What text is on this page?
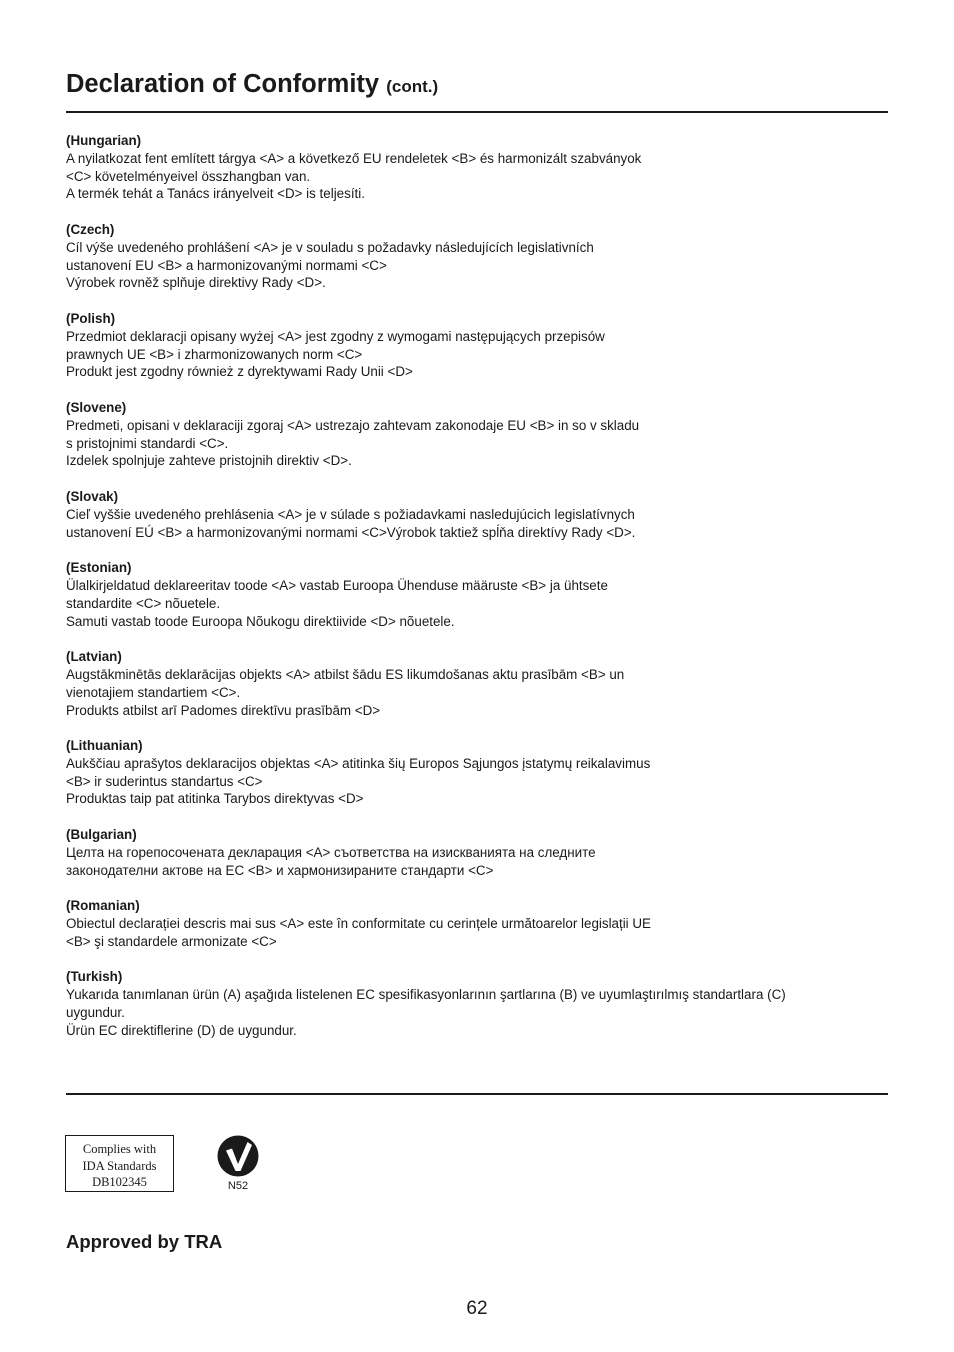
Declaration of Conformity (cont.)
(Hungarian)
A nyilatkozat fent említett tárgya <A> a következő EU rendeletek <B> és harmonizált szabványok
<C> követelményeivel összhangban van.
A termék tehát a Tanács irányelveit <D> is teljesíti.
(Czech)
Cíl výše uvedeného prohlášení <A> je v souladu s požadavky následujících legislativních
ustanovení EU <B> a harmonizovanými normami <C>
Výrobek rovněž splňuje direktivy Rady <D>.
(Polish)
Przedmiot deklaracji opisany wyżej <A> jest zgodny z wymogami następujących przepisów
prawnych UE <B> i zharmonizowanych norm <C>
Produkt jest zgodny również z dyrektywami Rady Unii <D>
(Slovene)
Predmeti, opisani v deklaraciji zgoraj <A> ustrezajo zahtevam zakonodaje EU <B> in so v skladu
s pristojnimi standardi <C>.
Izdelek spolnjuje zahteve pristojnih direktiv <D>.
(Slovak)
Cieľ vyššie uvedeného prehlásenia <A> je v súlade s požiadavkami nasledujúcich legislatívnych
ustanovení EÚ <B> a harmonizovanými normami <C>Výrobok taktiež spĺňa direktívy Rady <D>.
(Estonian)
Ülalkirjeldatud deklareeritav toode <A> vastab Euroopa Ühenduse määruste <B> ja ühtsete
standardite <C> nõuetele.
Samuti vastab toode Euroopa Nõukogu direktiivide <D> nõuetele.
(Latvian)
Augstākminētās deklarācijas objekts <A> atbilst šādu ES likumdošanas aktu prasībām <B> un
vienotajiem standartiem <C>.
Produkts atbilst arī Padomes direktīvu prasībām <D>
(Lithuanian)
Aukščiau aprašytos deklaracijos objektas <A> atitinka šių Europos Sąjungos įstatymų reikalavimus
<B> ir suderintus standartus <C>
Produktas taip pat atitinka Tarybos direktyvas <D>
(Bulgarian)
Целта на горепосочената декларация <A> съответства на изискванията на следните
законодателни актове на ЕС <B> и хармонизираните стандарти <C>
(Romanian)
Obiectul declarației descris mai sus <A> este în conformitate cu cerințele următoarelor legislații UE
<B> şi standardele armonizate <C>
(Turkish)
Yukarıda tanımlanan ürün (A) aşağıda listelenen EC spesifikasyonlarının şartlarına (B) ve uyumlaştırılmış standartlara (C)
uygundur.
Ürün EC direktiflerine (D) de uygundur.
Complies with
IDA Standards
DB102345	N52
Approved by TRA
62
